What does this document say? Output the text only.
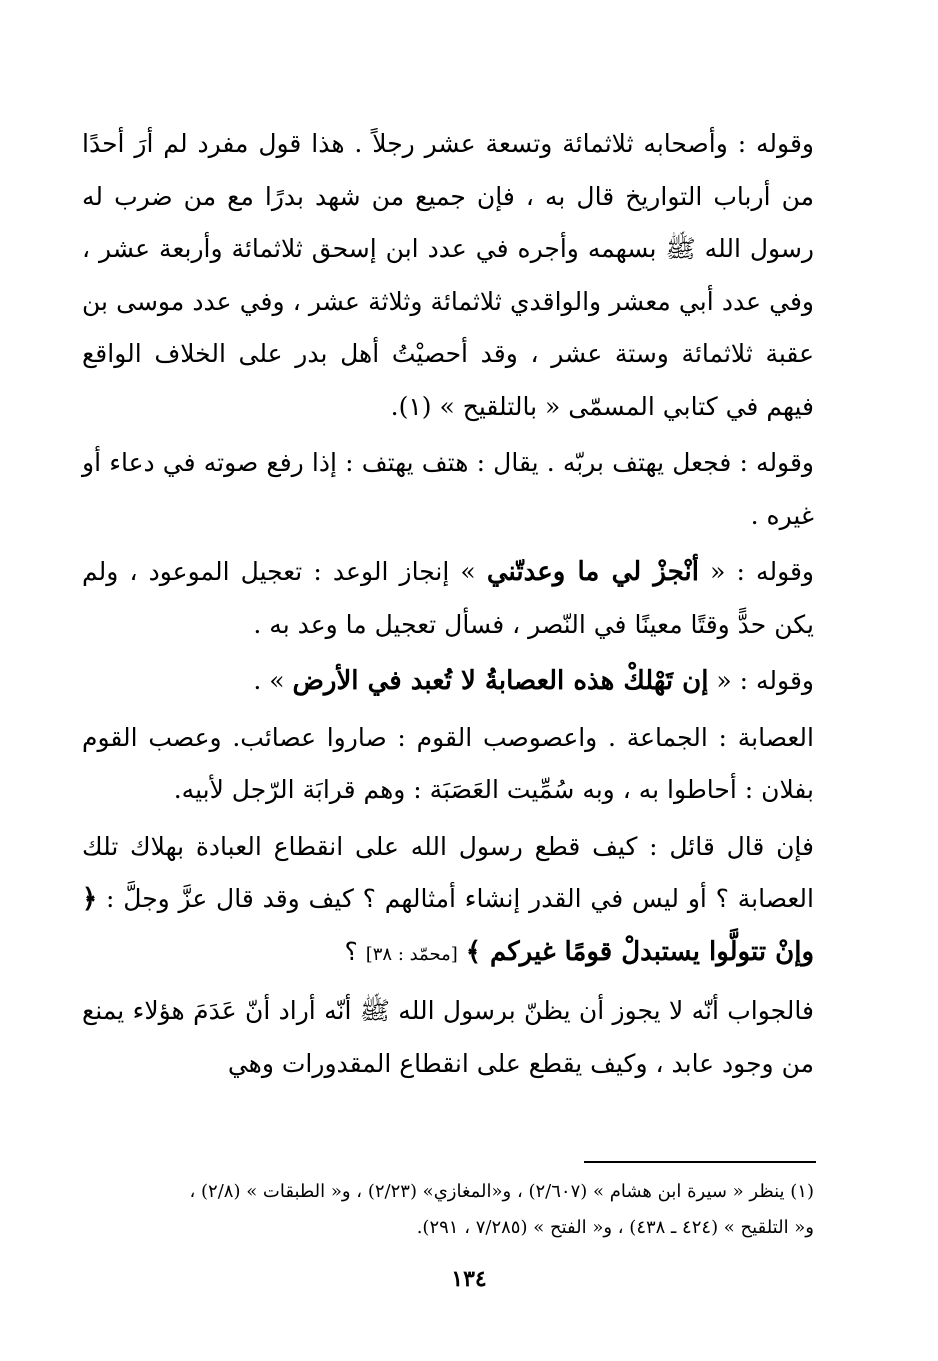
وقوله : وأصحابه ثلاثمائة وتسعة عشر رجلاً . هذا قول مفرد لم أرَ أحدًا من أرباب التواريخ قال به ، فإن جميع من شهد بدرًا مع من ضرب له رسول الله ﷺ بسهمه وأجره في عدد ابن إسحق ثلاثمائة وأربعة عشر ، وفي عدد أبي معشر والواقدي ثلاثمائة وثلاثة عشر ، وفي عدد موسى بن عقبة ثلاثمائة وستة عشر ، وقد أحصيْتُ أهل بدر على الخلاف الواقع فيهم في كتابي المسمّى « بالتلقيح » (١).

وقوله : فجعل يهتف بربّه . يقال : هتف يهتف : إذا رفع صوته في دعاء أو غيره .

وقوله : « أنْجزْ لي ما وعدتّني » إنجاز الوعد : تعجيل الموعود ، ولم يكن حدًّ وقتًا معينًا في النّصر ، فسأل تعجيل ما وعد به .

وقوله : « إن تَهْلكْ هذه العصابةُ لا تُعبد في الأرض » .

العصابة : الجماعة . واعصوصب القوم : صاروا عصائب. وعصب القوم بفلان : أحاطوا به ، وبه سُمِّيت العَصَبَة : وهم قرابَة الرّجل لأبيه.

فإن قال قائل : كيف قطع رسول الله على انقطاع العبادة بهلاك تلك العصابة ؟ أو ليس في القدر إنشاء أمثالهم ؟ كيف وقد قال عزَّ وجلَّ : ﴿ وإنْ تتولَّوا يستبدلْ قومًا غيركم ﴾ [محمّد : ٣٨] ؟

فالجواب أنّه لا يجوز أن يظنّ برسول الله ﷺ أنّه أراد أنّ عَدَمَ هؤلاء يمنع من وجود عابد ، وكيف يقطع على انقطاع المقدورات وهي

(١) ينظر « سيرة ابن هشام » (٢/٦٠٧) ، و«المغازي» (٢/٢٣) ، و« الطبقات » (٢/٨) ،

و« التلقيح » (٤٢٤ ـ ٤٣٨) ، و« الفتح » (٧/٢٨٥ ، ٢٩١).

١٣٤
